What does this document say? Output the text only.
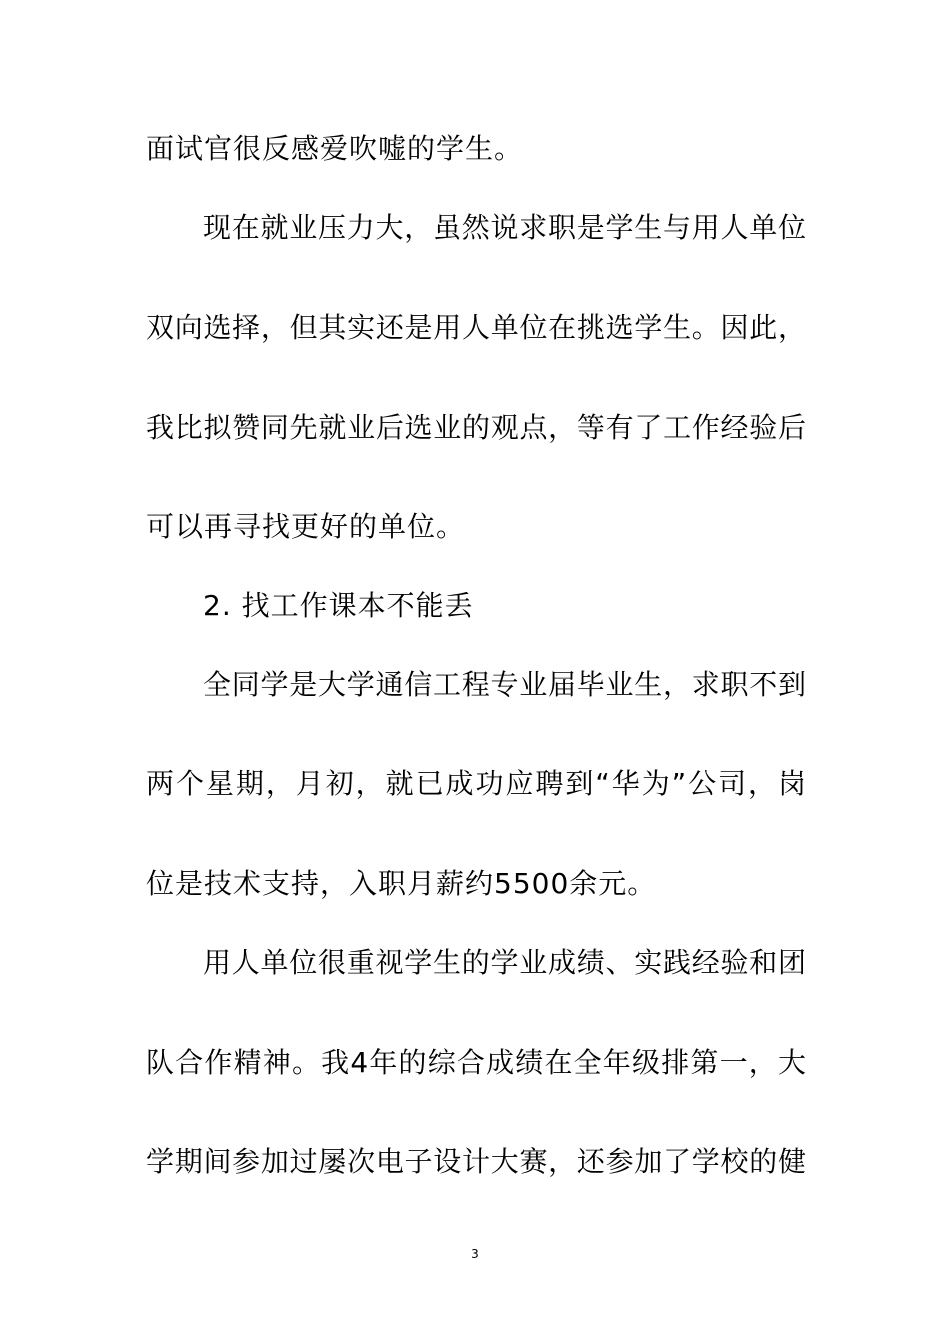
面试官很反感爱吹嘘的学生。
现在就业压力大，虽然说求职是学生与用人单位
双向选择，但其实还是用人单位在挑选学生。因此，
我比拟赞同先就业后选业的观点，等有了工作经验后
可以再寻找更好的单位。
2. 找工作课本不能丢
全同学是大学通信工程专业届毕业生，求职不到
两个星期，月初，就已成功应聘到“华为”公司，岗
位是技术支持，入职月薪约5500余元。
用人单位很重视学生的学业成绩、实践经验和团
队合作精神。我4年的综合成绩在全年级排第一，大
学期间参加过屡次电子设计大赛，还参加了学校的健
3
